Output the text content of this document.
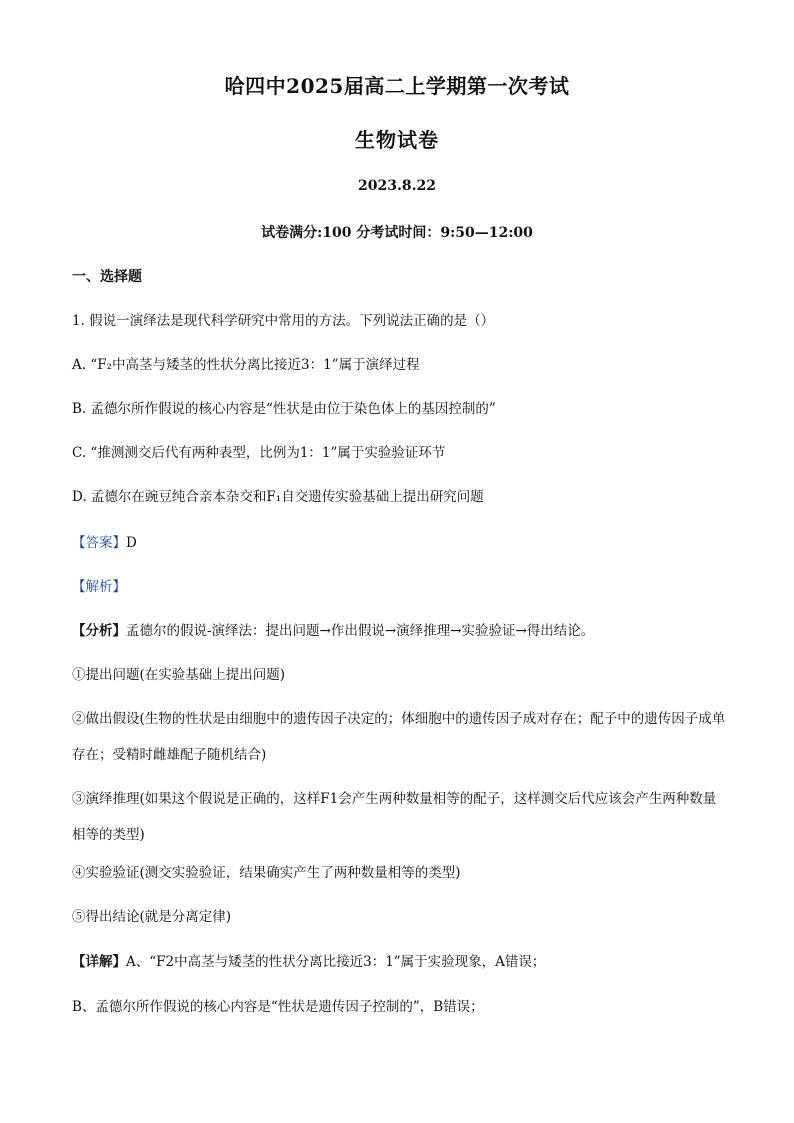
哈四中2025届高二上学期第一次考试
生物试卷
2023.8.22
试卷满分:100 分考试时间：9:50—12:00
一、选择题
1. 假说一演绎法是现代科学研究中常用的方法。下列说法正确的是（）
A. “F₂中高茎与矮茎的性状分离比接近3：1”属于演绎过程
B. 孟德尔所作假说的核心内容是“性状是由位于染色体上的基因控制的”
C. “推测测交后代有两种表型，比例为1：1”属于实验验证环节
D. 孟德尔在豌豆纯合亲本杂交和F₁自交遗传实验基础上提出研究问题
【答案】D
【解析】
【分析】孟德尔的假说-演绎法：提出问题→作出假说→演绎推理→实验验证→得出结论。
①提出问题(在实验基础上提出问题)
②做出假设(生物的性状是由细胞中的遗传因子决定的；体细胞中的遗传因子成对存在；配子中的遗传因子成单存在；受精时雌雄配子随机结合)
③演绎推理(如果这个假说是正确的，这样F1会产生两种数量相等的配子，这样测交后代应该会产生两种数量相等的类型)
④实验验证(测交实验验证，结果确实产生了两种数量相等的类型)
⑤得出结论(就是分离定律)
【详解】A、“F2中高茎与矮茎的性状分离比接近3：1”属于实验现象，A错误；
B、孟德尔所作假说的核心内容是“性状是遗传因子控制的”，B错误；
